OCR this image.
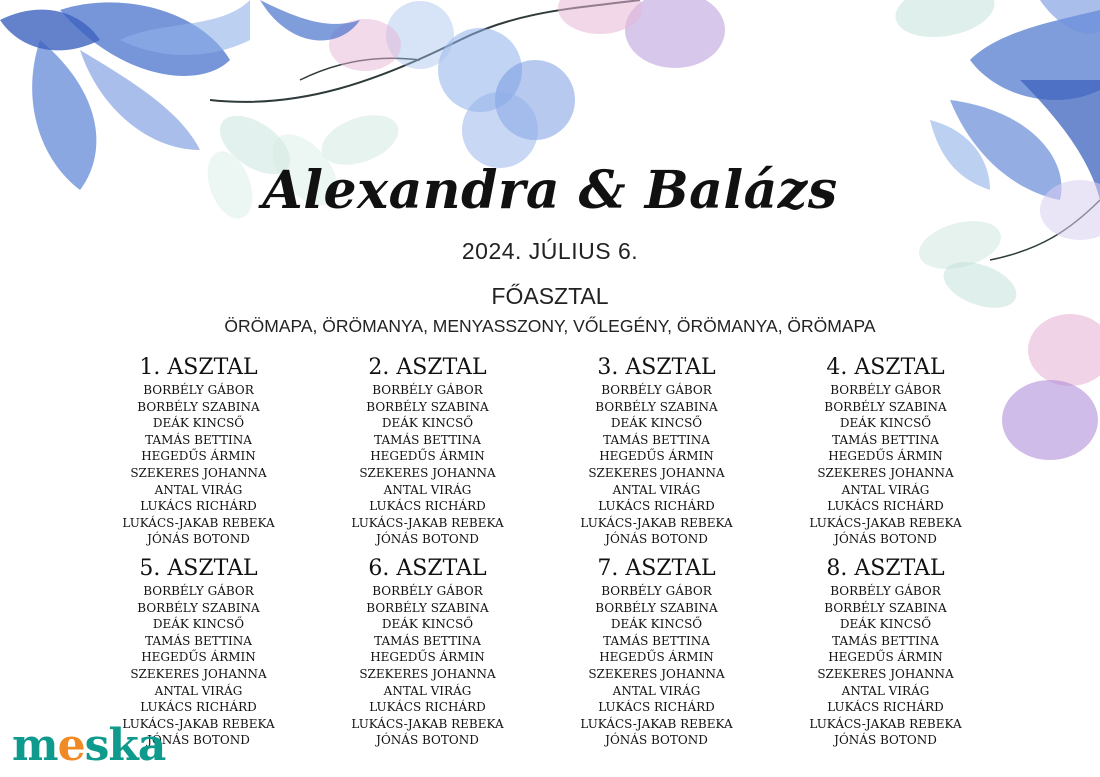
Alexandra & Balázs
2024. JÚLIUS 6.
FŐASZTAL
ÖRÖMAPA, ÖRÖMANYA, MENYASSZONY, VŐLEGÉNY, ÖRÖMANYA, ÖRÖMAPA
1. ASZTAL
BORBÉLY GÁBOR
BORBÉLY SZABINA
DEÁK KINCSŐ
TAMÁS BETTINA
HEGEDŰS ÁRMIN
SZEKERES JOHANNA
ANTAL VIRÁG
LUKÁCS RICHÁRD
LUKÁCS-JAKAB REBEKA
JÓNÁS BOTOND
2. ASZTAL
BORBÉLY GÁBOR
BORBÉLY SZABINA
DEÁK KINCSŐ
TAMÁS BETTINA
HEGEDŰS ÁRMIN
SZEKERES JOHANNA
ANTAL VIRÁG
LUKÁCS RICHÁRD
LUKÁCS-JAKAB REBEKA
JÓNÁS BOTOND
3. ASZTAL
BORBÉLY GÁBOR
BORBÉLY SZABINA
DEÁK KINCSŐ
TAMÁS BETTINA
HEGEDŰS ÁRMIN
SZEKERES JOHANNA
ANTAL VIRÁG
LUKÁCS RICHÁRD
LUKÁCS-JAKAB REBEKA
JÓNÁS BOTOND
4. ASZTAL
BORBÉLY GÁBOR
BORBÉLY SZABINA
DEÁK KINCSŐ
TAMÁS BETTINA
HEGEDŰS ÁRMIN
SZEKERES JOHANNA
ANTAL VIRÁG
LUKÁCS RICHÁRD
LUKÁCS-JAKAB REBEKA
JÓNÁS BOTOND
5. ASZTAL
BORBÉLY GÁBOR
BORBÉLY SZABINA
DEÁK KINCSŐ
TAMÁS BETTINA
HEGEDŰS ÁRMIN
SZEKERES JOHANNA
ANTAL VIRÁG
LUKÁCS RICHÁRD
LUKÁCS-JAKAB REBEKA
JÓNÁS BOTOND
6. ASZTAL
BORBÉLY GÁBOR
BORBÉLY SZABINA
DEÁK KINCSŐ
TAMÁS BETTINA
HEGEDŰS ÁRMIN
SZEKERES JOHANNA
ANTAL VIRÁG
LUKÁCS RICHÁRD
LUKÁCS-JAKAB REBEKA
JÓNÁS BOTOND
7. ASZTAL
BORBÉLY GÁBOR
BORBÉLY SZABINA
DEÁK KINCSŐ
TAMÁS BETTINA
HEGEDŰS ÁRMIN
SZEKERES JOHANNA
ANTAL VIRÁG
LUKÁCS RICHÁRD
LUKÁCS-JAKAB REBEKA
JÓNÁS BOTOND
8. ASZTAL
BORBÉLY GÁBOR
BORBÉLY SZABINA
DEÁK KINCSŐ
TAMÁS BETTINA
HEGEDŰS ÁRMIN
SZEKERES JOHANNA
ANTAL VIRÁG
LUKÁCS RICHÁRD
LUKÁCS-JAKAB REBEKA
JÓNÁS BOTOND
meska
